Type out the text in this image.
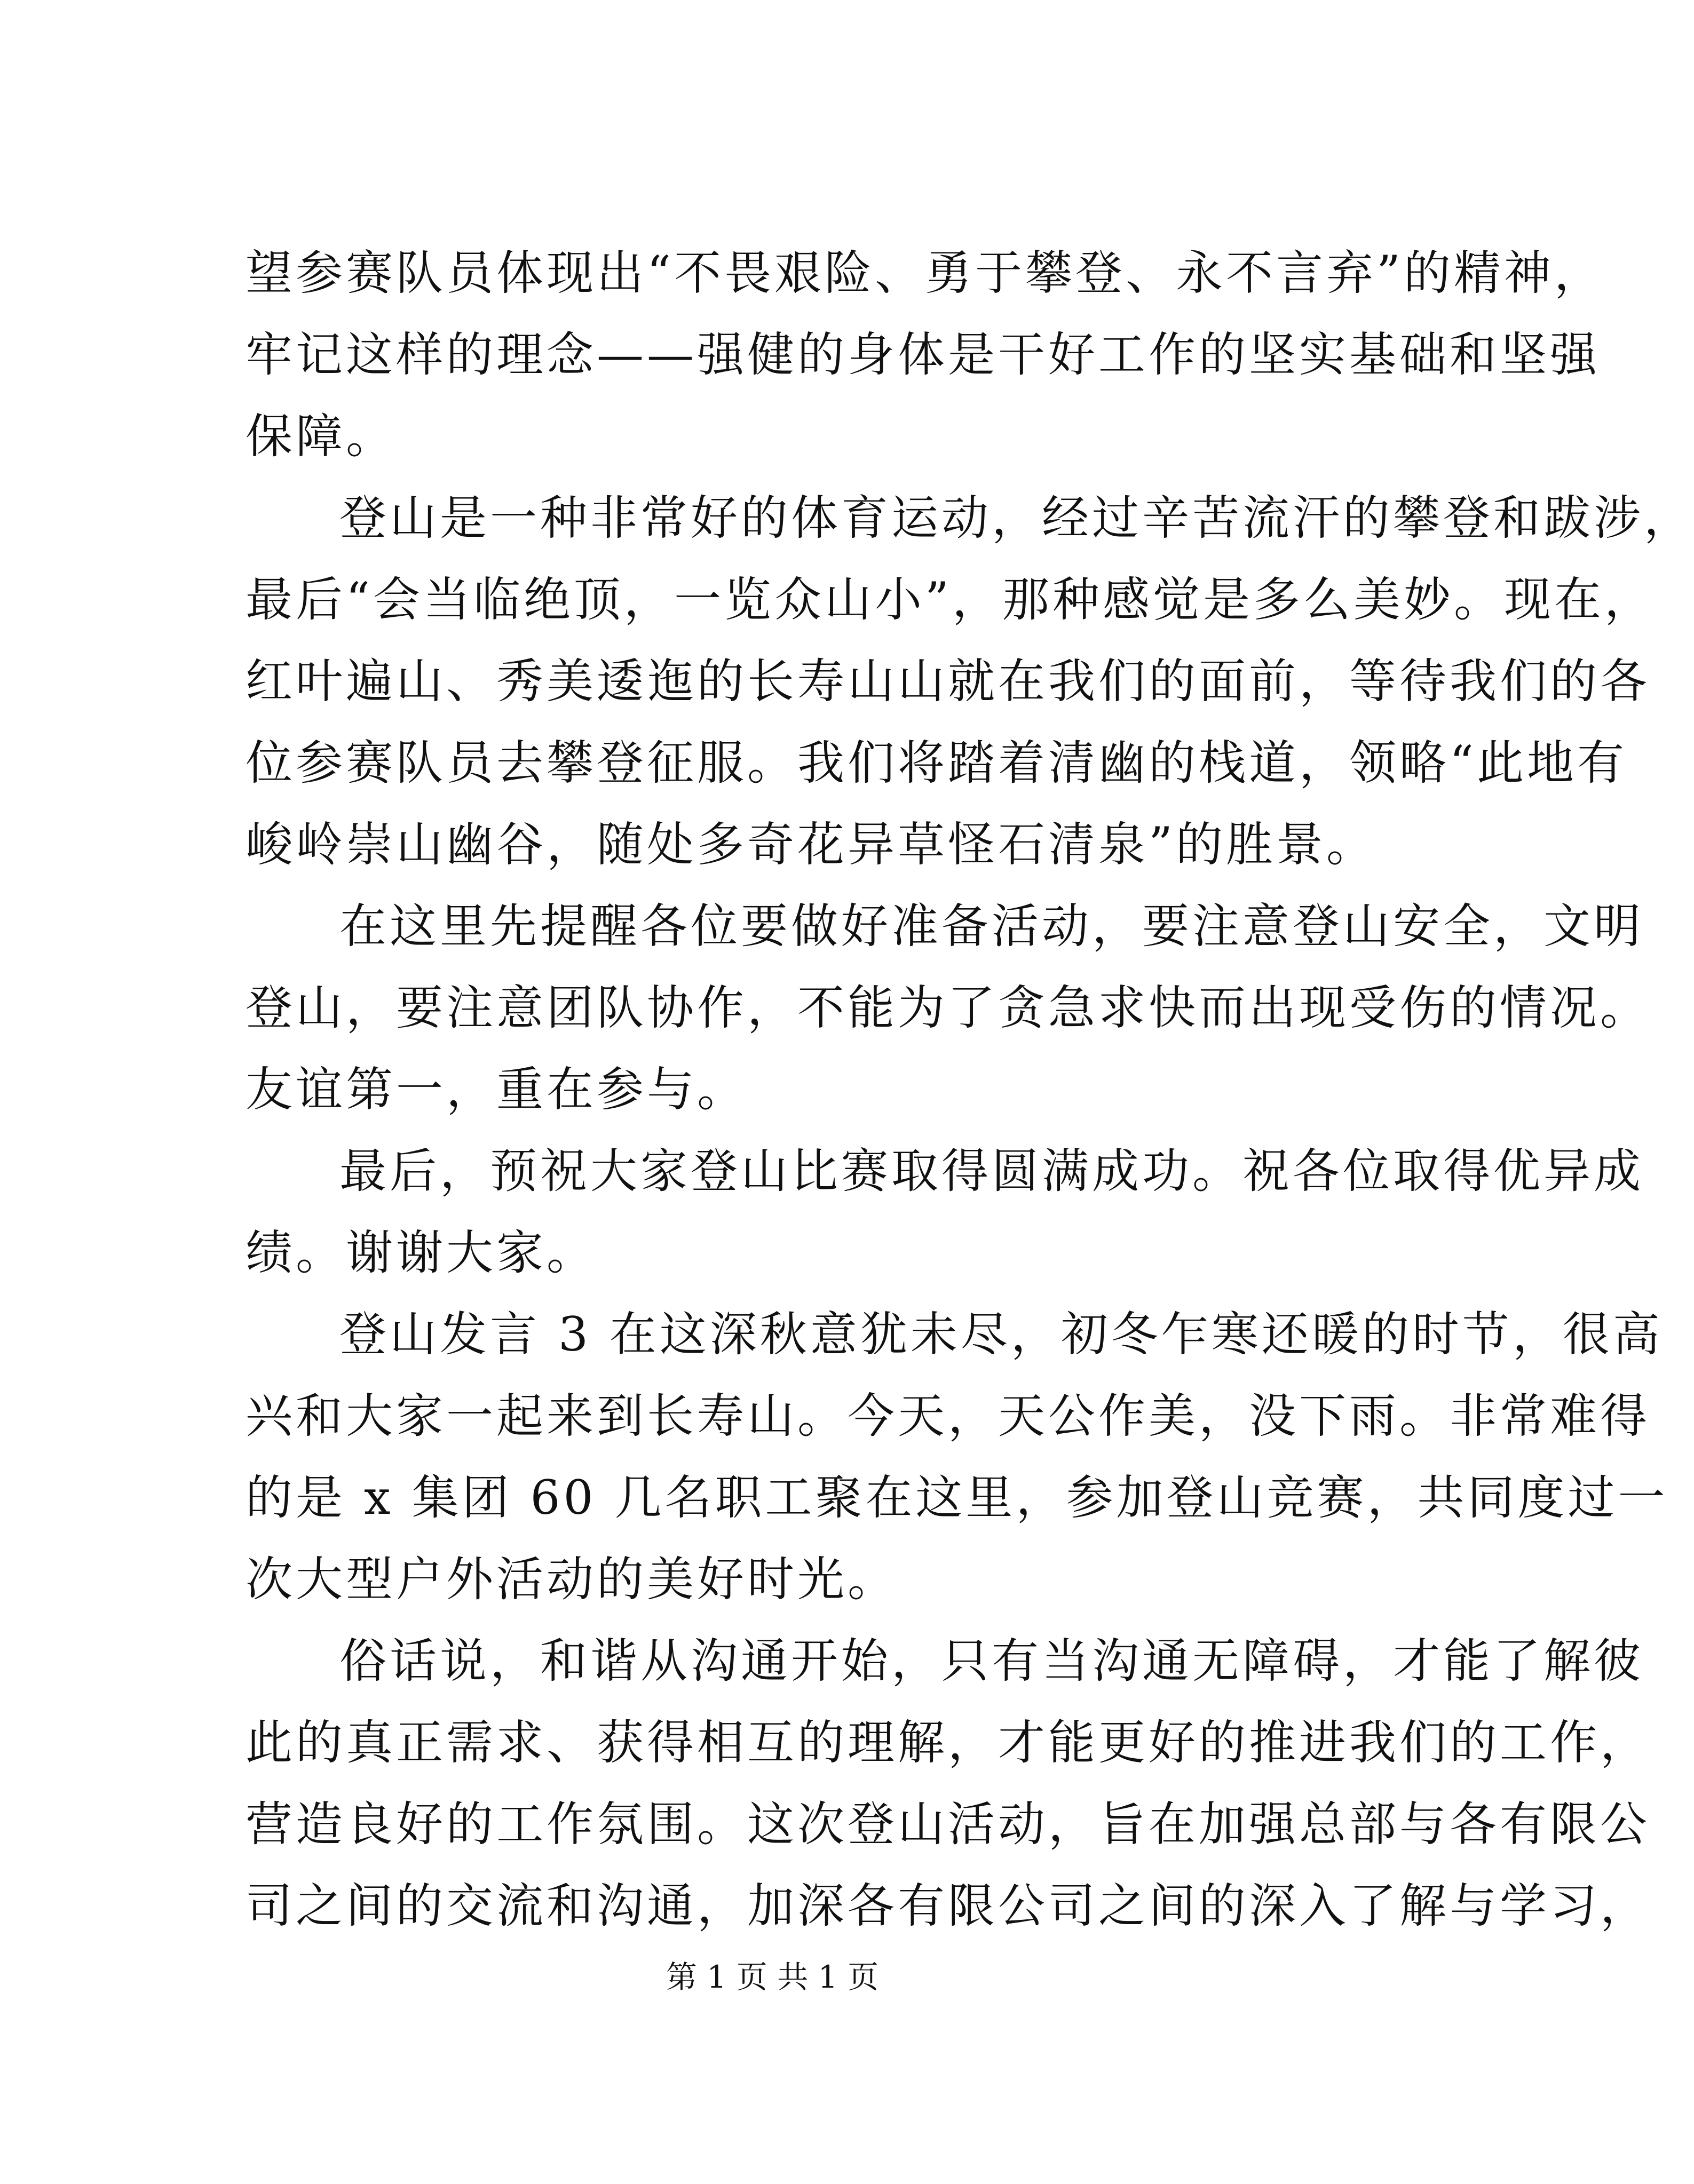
望参赛队员体现出“不畏艰险、勇于攀登、永不言弃”的精神，
牢记这样的理念——强健的身体是干好工作的坚实基础和坚强
保障。
登山是一种非常好的体育运动，经过辛苦流汗的攀登和跋涉，
最后“会当临绝顶，一览众山小”，那种感觉是多么美妙。现在，
红叶遍山、秀美逶迤的长寿山山就在我们的面前，等待我们的各
位参赛队员去攀登征服。我们将踏着清幽的栈道，领略“此地有
峻岭崇山幽谷，随处多奇花异草怪石清泉”的胜景。
在这里先提醒各位要做好准备活动，要注意登山安全，文明
登山，要注意团队协作，不能为了贪急求快而出现受伤的情况。
友谊第一，重在参与。
最后，预祝大家登山比赛取得圆满成功。祝各位取得优异成
绩。谢谢大家。
登山发言 3 在这深秋意犹未尽，初冬乍寒还暖的时节，很高
兴和大家一起来到长寿山。今天，天公作美，没下雨。非常难得
的是 x 集团 60 几名职工聚在这里，参加登山竞赛，共同度过一
次大型户外活动的美好时光。
俗话说，和谐从沟通开始，只有当沟通无障碍，才能了解彼
此的真正需求、获得相互的理解，才能更好的推进我们的工作，
营造良好的工作氛围。这次登山活动，旨在加强总部与各有限公
司之间的交流和沟通，加深各有限公司之间的深入了解与学习，
第 1 页 共 1 页
